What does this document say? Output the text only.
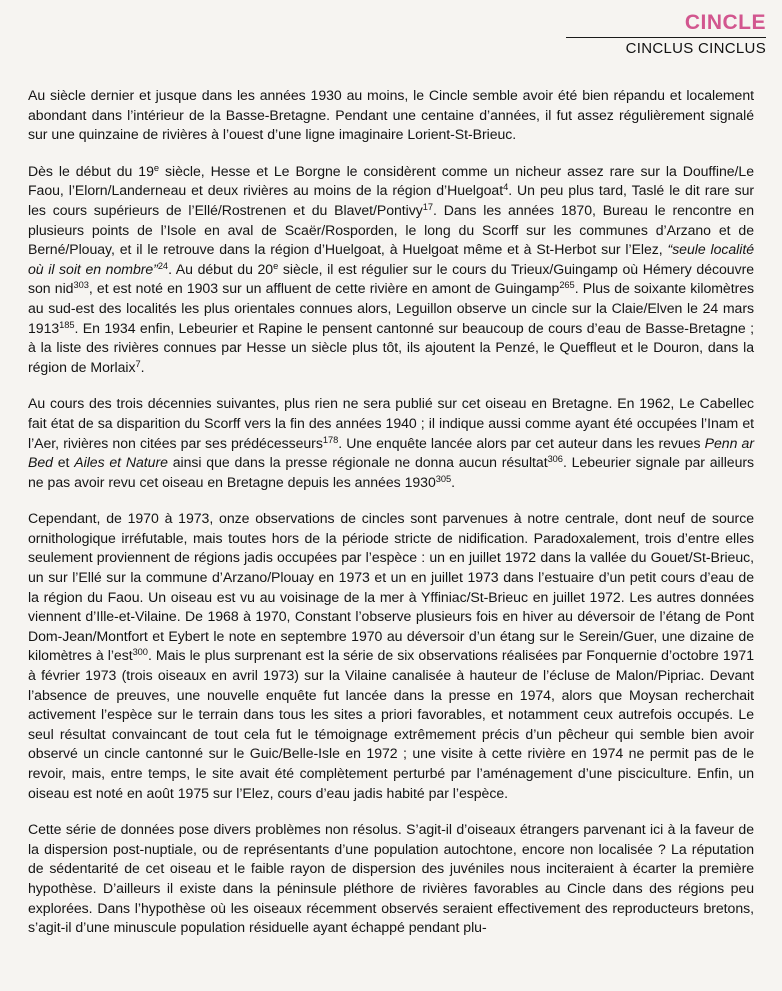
CINCLE
CINCLUS CINCLUS

Au siècle dernier et jusque dans les années 1930 au moins, le Cincle semble avoir été bien répandu et localement abondant dans l’intérieur de la Basse-Bretagne. Pendant une centaine d’années, il fut assez régulièrement signalé sur une quinzaine de rivières à l’ouest d’une ligne imaginaire Lorient-St-Brieuc.

Dès le début du 19e siècle, Hesse et Le Borgne le considèrent comme un nicheur assez rare sur la Douffine/Le Faou, l’Elorn/Landerneau et deux rivières au moins de la région d’Huelgoat$^4$. Un peu plus tard, Taslé le dit rare sur les cours supérieurs de l’Ellé/Rostrenen et du Blavet/Pontivy$^{17}$. Dans les années 1870, Bureau le rencontre en plusieurs points de l’Isole en aval de Scaër/Rosporden, le long du Scorff sur les communes d’Arzano et de Berné/Plouay, et il le retrouve dans la région d’Huelgoat, à Huelgoat même et à St-Herbot sur l’Elez, “seule localité où il soit en nombre”$^{24}$. Au début du 20e siècle, il est régulier sur le cours du Trieux/Guingamp où Hémery découvre son nid$^{303}$, et est noté en 1903 sur un affluent de cette rivière en amont de Guingamp$^{265}$. Plus de soixante kilomètres au sud-est des localités les plus orientales connues alors, Leguillon observe un cincle sur la Claie/Elven le 24 mars 1913$^{185}$. En 1934 enfin, Lebeurier et Rapine le pensent cantonné sur beaucoup de cours d’eau de Basse-Bretagne ; à la liste des rivières connues par Hesse un siècle plus tôt, ils ajoutent la Penzé, le Queffleut et le Douron, dans la région de Morlaix$^7$.

Au cours des trois décennies suivantes, plus rien ne sera publié sur cet oiseau en Bretagne. En 1962, Le Cabellec fait état de sa disparition du Scorff vers la fin des années 1940 ; il indique aussi comme ayant été occupées l’Inam et l’Aer, rivières non citées par ses prédécesseurs$^{178}$. Une enquête lancée alors par cet auteur dans les revues Penn ar Bed et Ailes et Nature ainsi que dans la presse régionale ne donna aucun résultat$^{306}$. Lebeurier signale par ailleurs ne pas avoir revu cet oiseau en Bretagne depuis les années 1930$^{305}$.

Cependant, de 1970 à 1973, onze observations de cincles sont parvenues à notre centrale, dont neuf de source ornithologique irréfutable, mais toutes hors de la période stricte de nidification. Paradoxalement, trois d’entre elles seulement proviennent de régions jadis occupées par l’espèce : un en juillet 1972 dans la vallée du Gouet/St-Brieuc, un sur l’Ellé sur la commune d’Arzano/Plouay en 1973 et un en juillet 1973 dans l’estuaire d’un petit cours d’eau de la région du Faou. Un oiseau est vu au voisinage de la mer à Yffiniac/St-Brieuc en juillet 1972. Les autres données viennent d’Ille-et-Vilaine. De 1968 à 1970, Constant l’observe plusieurs fois en hiver au déversoir de l’étang de Pont Dom-Jean/Montfort et Eybert le note en septembre 1970 au déversoir d’un étang sur le Serein/Guer, une dizaine de kilomètres à l’est$^{300}$. Mais le plus surprenant est la série de six observations réalisées par Fonquernie d’octobre 1971 à février 1973 (trois oiseaux en avril 1973) sur la Vilaine canalisée à hauteur de l’écluse de Malon/Pipriac. Devant l’absence de preuves, une nouvelle enquête fut lancée dans la presse en 1974, alors que Moysan recherchait activement l’espèce sur le terrain dans tous les sites a priori favorables, et notamment ceux autrefois occupés. Le seul résultat convaincant de tout cela fut le témoignage extrêmement précis d’un pêcheur qui semble bien avoir observé un cincle cantonné sur le Guic/Belle-Isle en 1972 ; une visite à cette rivière en 1974 ne permit pas de le revoir, mais, entre temps, le site avait été complètement perturbé par l’aménagement d’une pisciculture. Enfin, un oiseau est noté en août 1975 sur l’Elez, cours d’eau jadis habité par l’espèce.

Cette série de données pose divers problèmes non résolus. S’agit-il d’oiseaux étrangers parvenant ici à la faveur de la dispersion post-nuptiale, ou de représentants d’une population autochtone, encore non localisée ? La réputation de sédentarité de cet oiseau et le faible rayon de dispersion des juvéniles nous inciteraient à écarter la première hypothèse. D’ailleurs il existe dans la péninsule pléthore de rivières favorables au Cincle dans des régions peu explorées. Dans l’hypothèse où les oiseaux récemment observés seraient effectivement des reproducteurs bretons, s’agit-il d’une minuscule population résiduelle ayant échappé pendant plu-
